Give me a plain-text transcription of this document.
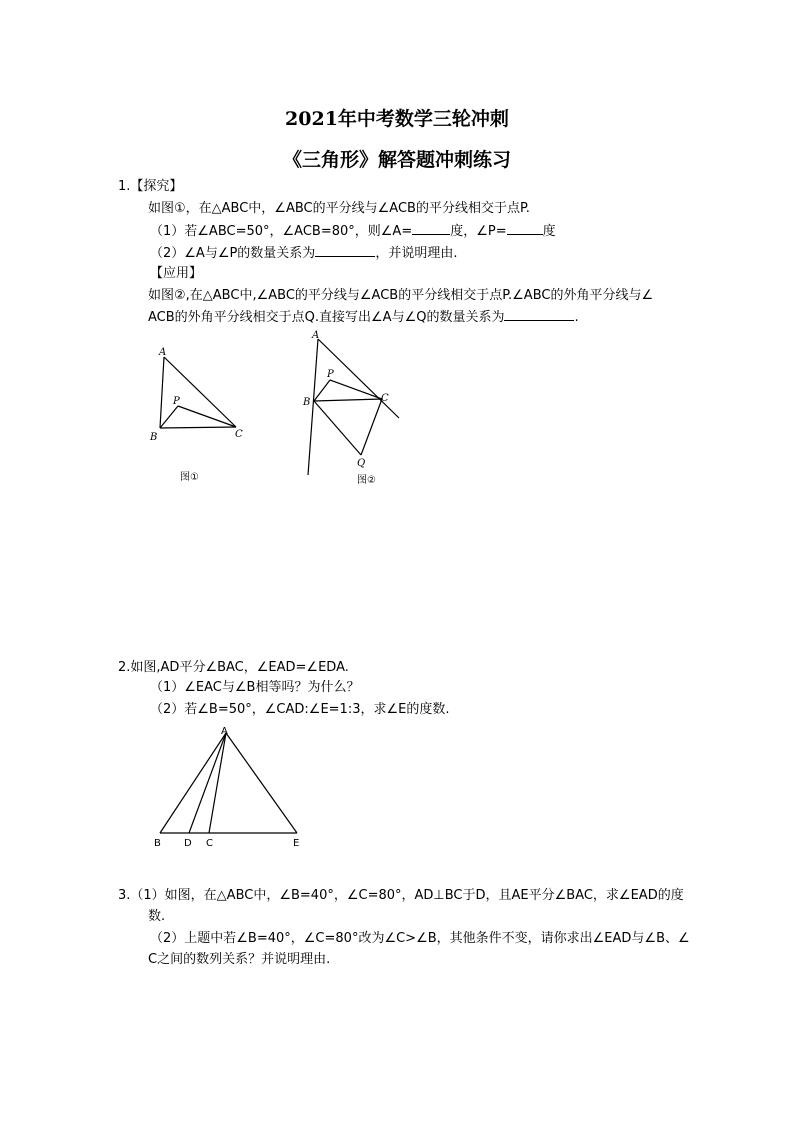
2021年中考数学三轮冲刺
《三角形》解答题冲刺练习
1.【探究】
如图①，在△ABC中，∠ABC的平分线与∠ACB的平分线相交于点P.
（1）若∠ABC=50°，∠ACB=80°，则∠A=	度，∠P=	度
（2）∠A与∠P的数量关系为	，并说明理由.
【应用】
如图②,在△ABC中,∠ABC的平分线与∠ACB的平分线相交于点P.∠ABC的外角平分线与∠
ACB的外角平分线相交于点Q.直接写出∠A与∠Q的数量关系为	.
A
P
B	C
图①
A
P
B	C
Q
图②
2.如图,AD平分∠BAC，∠EAD=∠EDA.
（1）∠EAC与∠B相等吗？为什么？
（2）若∠B=50°，∠CAD:∠E=1:3，求∠E的度数.
A
B D C	E
3.（1）如图，在△ABC中，∠B=40°，∠C=80°，AD⊥BC于D，且AE平分∠BAC，求∠EAD的度
数.
（2）上题中若∠B=40°，∠C=80°改为∠C>∠B，其他条件不变，请你求出∠EAD与∠B、∠
C之间的数列关系？并说明理由.
